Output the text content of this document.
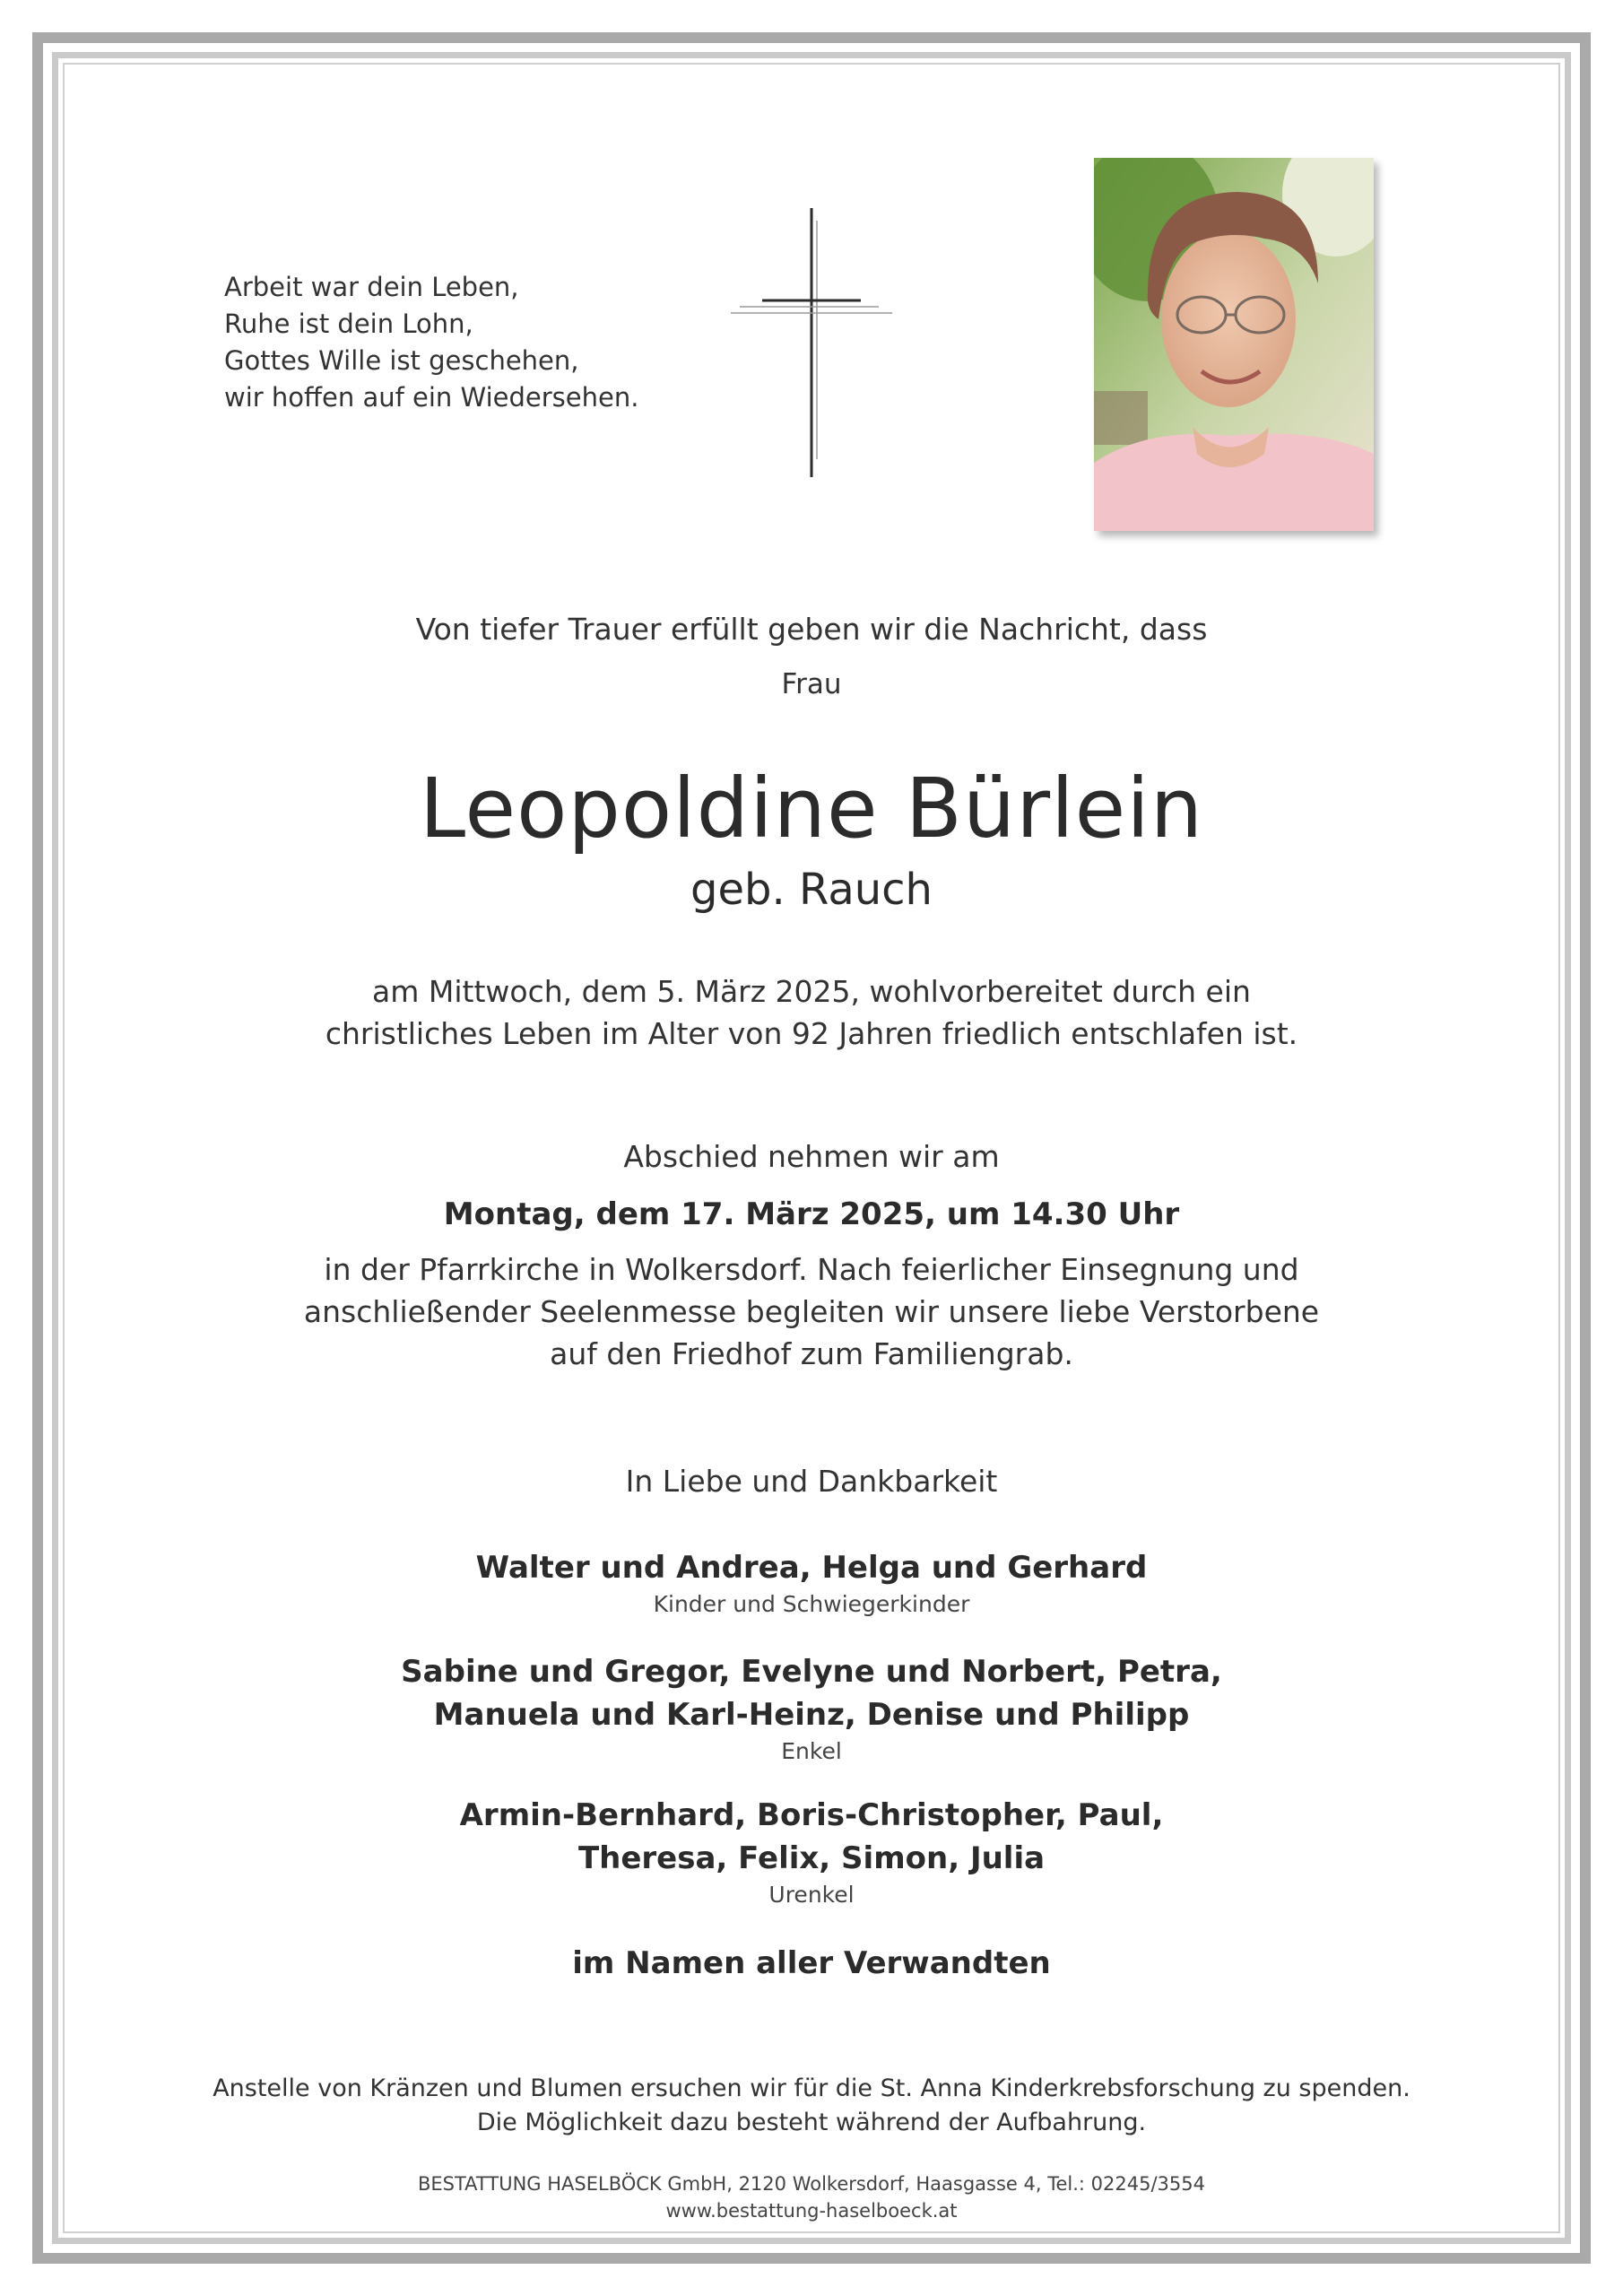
Arbeit war dein Leben,
Ruhe ist dein Lohn,
Gottes Wille ist geschehen,
wir hoffen auf ein Wiedersehen.
Von tiefer Trauer erfüllt geben wir die Nachricht, dass
Frau
Leopoldine Bürlein
geb. Rauch
am Mittwoch, dem 5. März 2025, wohlvorbereitet durch ein
christliches Leben im Alter von 92 Jahren friedlich entschlafen ist.
Abschied nehmen wir am
Montag, dem 17. März 2025, um 14.30 Uhr
in der Pfarrkirche in Wolkersdorf. Nach feierlicher Einsegnung und
anschließender Seelenmesse begleiten wir unsere liebe Verstorbene
auf den Friedhof zum Familiengrab.
In Liebe und Dankbarkeit
Walter und Andrea, Helga und Gerhard
Kinder und Schwiegerkinder
Sabine und Gregor, Evelyne und Norbert, Petra,
Manuela und Karl-Heinz, Denise und Philipp
Enkel
Armin-Bernhard, Boris-Christopher, Paul,
Theresa, Felix, Simon, Julia
Urenkel
im Namen aller Verwandten
Anstelle von Kränzen und Blumen ersuchen wir für die St. Anna Kinderkrebsforschung zu spenden.
Die Möglichkeit dazu besteht während der Aufbahrung.
BESTATTUNG HASELBÖCK GmbH, 2120 Wolkersdorf, Haasgasse 4, Tel.: 02245/3554
www.bestattung-haselboeck.at
